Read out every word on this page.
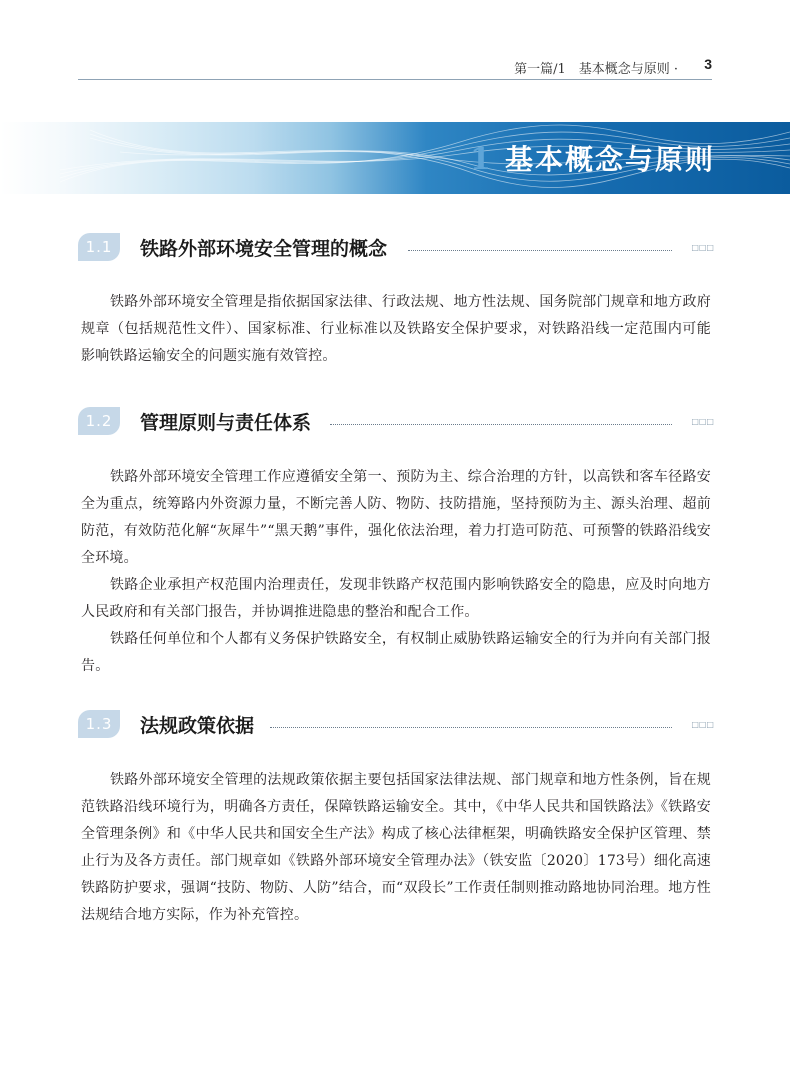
第一篇/1　基本概念与原则 · 3
1 基本概念与原则
1.1	铁路外部环境安全管理的概念	□□□

铁路外部环境安全管理是指依据国家法律、行政法规、地方性法规、国务院部门规章和地方政府规章（包括规范性文件）、国家标准、行业标准以及铁路安全保护要求，对铁路沿线一定范围内可能影响铁路运输安全的问题实施有效管控。

1.2	管理原则与责任体系	□□□

铁路外部环境安全管理工作应遵循安全第一、预防为主、综合治理的方针，以高铁和客车径路安全为重点，统筹路内外资源力量，不断完善人防、物防、技防措施，坚持预防为主、源头治理、超前防范，有效防范化解“灰犀牛”“黑天鹅”事件，强化依法治理，着力打造可防范、可预警的铁路沿线安全环境。

铁路企业承担产权范围内治理责任，发现非铁路产权范围内影响铁路安全的隐患，应及时向地方人民政府和有关部门报告，并协调推进隐患的整治和配合工作。

铁路任何单位和个人都有义务保护铁路安全，有权制止威胁铁路运输安全的行为并向有关部门报告。

1.3	法规政策依据	□□□

铁路外部环境安全管理的法规政策依据主要包括国家法律法规、部门规章和地方性条例，旨在规范铁路沿线环境行为，明确各方责任，保障铁路运输安全。其中，《中华人民共和国铁路法》《铁路安全管理条例》和《中华人民共和国安全生产法》构成了核心法律框架，明确铁路安全保护区管理、禁止行为及各方责任。部门规章如《铁路外部环境安全管理办法》（铁安监〔2020〕173号）细化高速铁路防护要求，强调“技防、物防、人防”结合，而“双段长”工作责任制则推动路地协同治理。地方性法规结合地方实际，作为补充管控。
